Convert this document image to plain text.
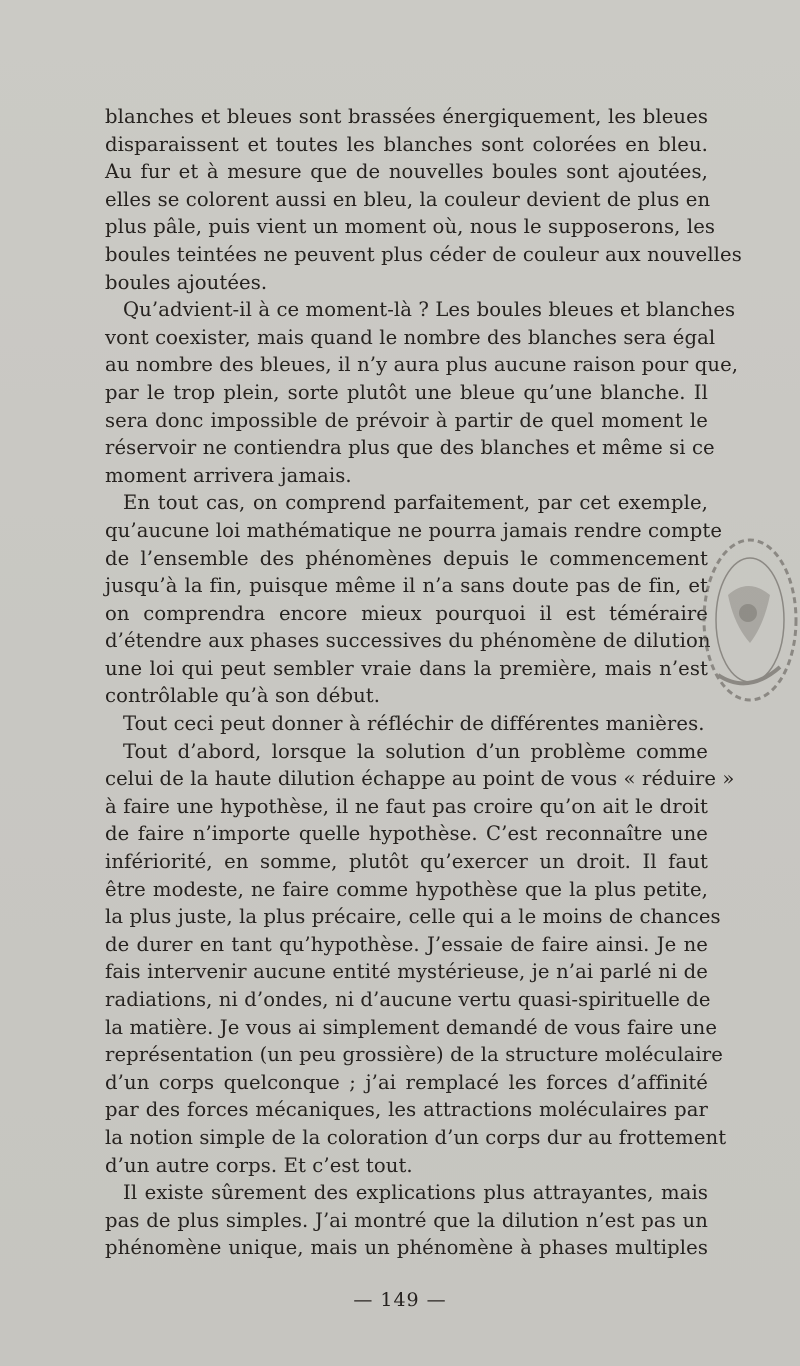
blanches et bleues sont brassées énergiquement, les bleues
disparaissent et toutes les blanches sont colorées en bleu.
Au fur et à mesure que de nouvelles boules sont ajoutées,
elles se colorent aussi en bleu, la couleur devient de plus en
plus pâle, puis vient un moment où, nous le supposerons, les
boules teintées ne peuvent plus céder de couleur aux nouvelles
boules ajoutées.
Qu’advient-il à ce moment-là ? Les boules bleues et blanches
vont coexister, mais quand le nombre des blanches sera égal
au nombre des bleues, il n’y aura plus aucune raison pour que,
par le trop plein, sorte plutôt une bleue qu’une blanche. Il
sera donc impossible de prévoir à partir de quel moment le
réservoir ne contiendra plus que des blanches et même si ce
moment arrivera jamais.
En tout cas, on comprend parfaitement, par cet exemple,
qu’aucune loi mathématique ne pourra jamais rendre compte
de l’ensemble des phénomènes depuis le commencement
jusqu’à la fin, puisque même il n’a sans doute pas de fin, et
on comprendra encore mieux pourquoi il est téméraire
d’étendre aux phases successives du phénomène de dilution
une loi qui peut sembler vraie dans la première, mais n’est
contrôlable qu’à son début.
Tout ceci peut donner à réfléchir de différentes manières.
Tout d’abord, lorsque la solution d’un problème comme
celui de la haute dilution échappe au point de vous « réduire »
à faire une hypothèse, il ne faut pas croire qu’on ait le droit
de faire n’importe quelle hypothèse. C’est reconnaître une
infériorité, en somme, plutôt qu’exercer un droit. Il faut
être modeste, ne faire comme hypothèse que la plus petite,
la plus juste, la plus précaire, celle qui a le moins de chances
de durer en tant qu’hypothèse. J’essaie de faire ainsi. Je ne
fais intervenir aucune entité mystérieuse, je n’ai parlé ni de
radiations, ni d’ondes, ni d’aucune vertu quasi-spirituelle de
la matière. Je vous ai simplement demandé de vous faire une
représentation (un peu grossière) de la structure moléculaire
d’un corps quelconque ; j’ai remplacé les forces d’affinité
par des forces mécaniques, les attractions moléculaires par
la notion simple de la coloration d’un corps dur au frottement
d’un autre corps. Et c’est tout.
Il existe sûrement des explications plus attrayantes, mais
pas de plus simples. J’ai montré que la dilution n’est pas un
phénomène unique, mais un phénomène à phases multiples
— 149 —
